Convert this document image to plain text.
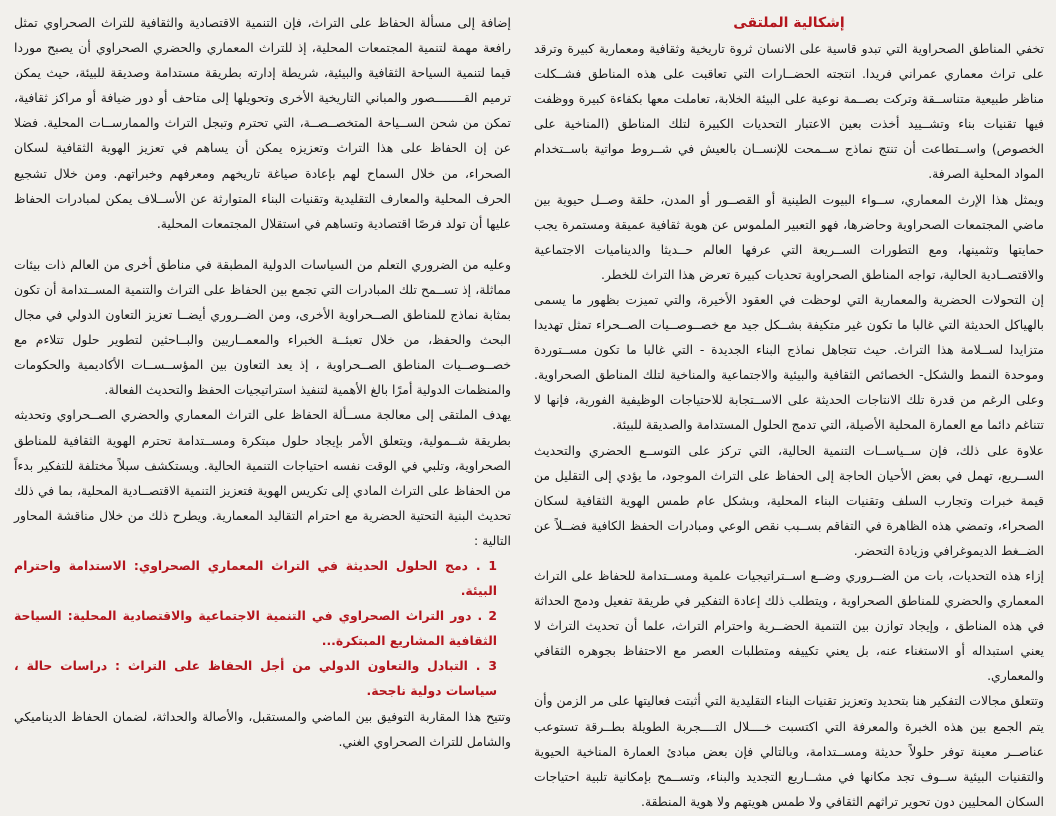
إشكالية الملتقى

تخفي المناطق الصحراوية التي تبدو قاسية على الانسان ثروة تاريخية وثقافية ومعمارية كبيرة وترقد على تراث معماري عمراني فريدا. انتجته الحضــارات التي تعاقبت على هذه المناطق فشــكلت مناظر طبيعية متناســقة وتركت بصــمة نوعية على البيئة الخلابة، تعاملت معها بكفاءة كبيرة ووظفت فيها تقنيات بناء وتشــييد أخذت بعين الاعتبار التحديات الكبيرة لتلك المناطق (المناخية على الخصوص) واســتطاعت أن تنتج نماذج ســمحت للإنســان بالعيش في شــروط مواتية باســتخدام المواد المحلية الصرفة.

ويمثل هذا الإرث المعماري، ســواء البيوت الطينية أو القصــور أو المدن، حلقة وصــل حيوية بين ماضي المجتمعات الصحراوية وحاضرها، فهو التعبير الملموس عن هوية ثقافية عميقة ومستمرة يجب حمايتها وتثمينها، ومع التطورات الســريعة التي عرفها العالم حــديثا والديناميات الاجتماعية والاقتصــادية الحالية، تواجه المناطق الصحراوية تحديات كبيرة تعرض هذا التراث للخطر.

إن التحولات الحضرية والمعمارية التي لوحظت في العقود الأخيرة، والتي تميزت بظهور ما يسمى بالهياكل الحديثة التي غالبا ما تكون غير متكيفة بشــكل جيد مع خصــوصــيات الصــحراء تمثل تهديدا متزايدا لســلامة هذا التراث. حيث تتجاهل نماذج البناء الجديدة - التي غالبا ما تكون مســتوردة وموحدة النمط والشكل- الخصائص الثقافية والبيئية والاجتماعية والمناخية لتلك المناطق الصحراوية. وعلى الرغم من قدرة تلك الانتاجات الحديثة على الاســتجابة للاحتياجات الوظيفية الفورية، فإنها لا تتناغم دائما مع العمارة المحلية الأصيلة، التي تدمج الحلول المستدامة والصديقة للبيئة.

علاوة على ذلك، فإن ســياســات التنمية الحالية، التي تركز على التوســع الحضري والتحديث الســريع، تهمل في بعض الأحيان الحاجة إلى الحفاظ على التراث الموجود، ما يؤدي إلى التقليل من قيمة خبرات وتجارب السلف وتقنيات البناء المحلية، وبشكل عام طمس الهوية الثقافية لسكان الصحراء، وتمضي هذه الظاهرة في التفاقم بســبب نقص الوعي ومبادرات الحفظ الكافية فضــلاً عن الضــغط الديموغرافي وزيادة التحضر.

إزاء هذه التحديات، بات من الضــروري وضــع اســتراتيجيات علمية ومســتدامة للحفاظ على التراث المعماري والحضري للمناطق الصحراوية ، ويتطلب ذلك إعادة التفكير في طريقة تفعيل ودمج الحداثة في هذه المناطق ، وإيجاد توازن بين التنمية الحضــرية واحترام التراث، علما أن تحديث التراث لا يعني استبداله أو الاستغناء عنه، بل يعني تكييفه ومتطلبات العصر مع الاحتفاظ بجوهره الثقافي والمعماري.

وتتعلق مجالات التفكير هنا بتحديد وتعزيز تقنيات البناء التقليدية التي أثبتت فعاليتها على مر الزمن وأن يتم الجمع بين هذه الخبرة والمعرفة التي اكتسبت خــــلال التــــجربة الطويلة بطــرقة تستوعب عناصــر معينة توفر حلولاً حديثة ومســتدامة، وبالتالي فإن بعض مبادئ العمارة المناخية الحيوية والتقنيات البيئية ســوف تجد مكانها في مشــاريع التجديد والبناء، وتســمح بإمكانية تلبية احتياجات السكان المحليين دون تحوير تراثهم الثقافي ولا طمس هويتهم ولا هوية المنطقة.

إضافة إلى مسألة الحفاظ على التراث، فإن التنمية الاقتصادية والثقافية للتراث الصحراوي تمثل رافعة مهمة لتنمية المجتمعات المحلية، إذ للتراث المعماري والحضري الصحراوي أن يصبح موردا قيما لتنمية السياحة الثقافية والبيئية، شريطة إدارته بطريقة مستدامة وصديقة للبيئة، حيث يمكن ترميم القــــــــصور والمباني التاريخية الأخرى وتحويلها إلى متاحف أو دور ضيافة أو مراكز ثقافية، تمكن من شحن الســياحة المتخصــصــة، التي تحترم وتبجل التراث والممارســات المحلية. فضلا عن إن الحفاظ على هذا التراث وتعزيزه يمكن أن يساهم في تعزيز الهوية الثقافية لسكان الصحراء، من خلال السماح لهم بإعادة صياغة تاريخهم ومعرفهم وخبراتهم. ومن خلال تشجيع الحرف المحلية والمعارف التقليدية وتقنيات البناء المتوارثة عن الأســلاف يمكن لمبادرات الحفاظ عليها أن تولد فرصًا اقتصادية وتساهم في استقلال المجتمعات المحلية.

وعليه من الضروري التعلم من السياسات الدولية المطبقة في مناطق أخرى من العالم ذات بيئات مماثلة، إذ تســمح تلك المبادرات التي تجمع بين الحفاظ على التراث والتنمية المســتدامة أن تكون بمثابة نماذج للمناطق الصــحراوية الأخرى، ومن الضــروري أيضــا تعزيز التعاون الدولي في مجال البحث والحفظ، من خلال تعبئــة الخبراء والمعمــاريين والبــاحثين لتطوير حلول تتلاءم مع خصــوصــيات المناطق الصــحراوية ، إذ يعد التعاون بين المؤســســات الأكاديمية والحكومات والمنظمات الدولية أمرًا بالغ الأهمية لتنفيذ استراتيجيات الحفظ والتحديث الفعالة.

يهدف الملتقى إلى معالجة مســألة الحفاظ على التراث المعماري والحضري الصــحراوي وتحديثه بطريقة شــمولية، ويتعلق الأمر بإيجاد حلول مبتكرة ومســتدامة تحترم الهوية الثقافية للمناطق الصحراوية، وتلبي في الوقت نفسه احتياجات التنمية الحالية. ويستكشف سبلاً مختلفة للتفكير بدءاً من الحفاظ على التراث المادي إلى تكريس الهوية فتعزيز التنمية الاقتصــادية المحلية، بما في ذلك تحديث البنية التحتية الحضرية مع احترام التقاليد المعمارية. ويطرح ذلك من خلال مناقشة المحاور التالية :

1 . دمج الحلول الحديثة في التراث المعماري الصحراوي: الاستدامة واحترام البيئة.
2 . دور التراث الصحراوي في التنمية الاجتماعية والاقتصادية المحلية: السياحة الثقافية المشاريع المبتكرة...
3 . التبادل والتعاون الدولي من أجل الحفاظ على التراث : دراسات حالة ، سياسات دولية ناجحة.

وتتيح هذا المقاربة التوفيق بين الماضي والمستقبل، والأصالة والحداثة، لضمان الحفاظ الديناميكي والشامل للتراث الصحراوي الغني.
